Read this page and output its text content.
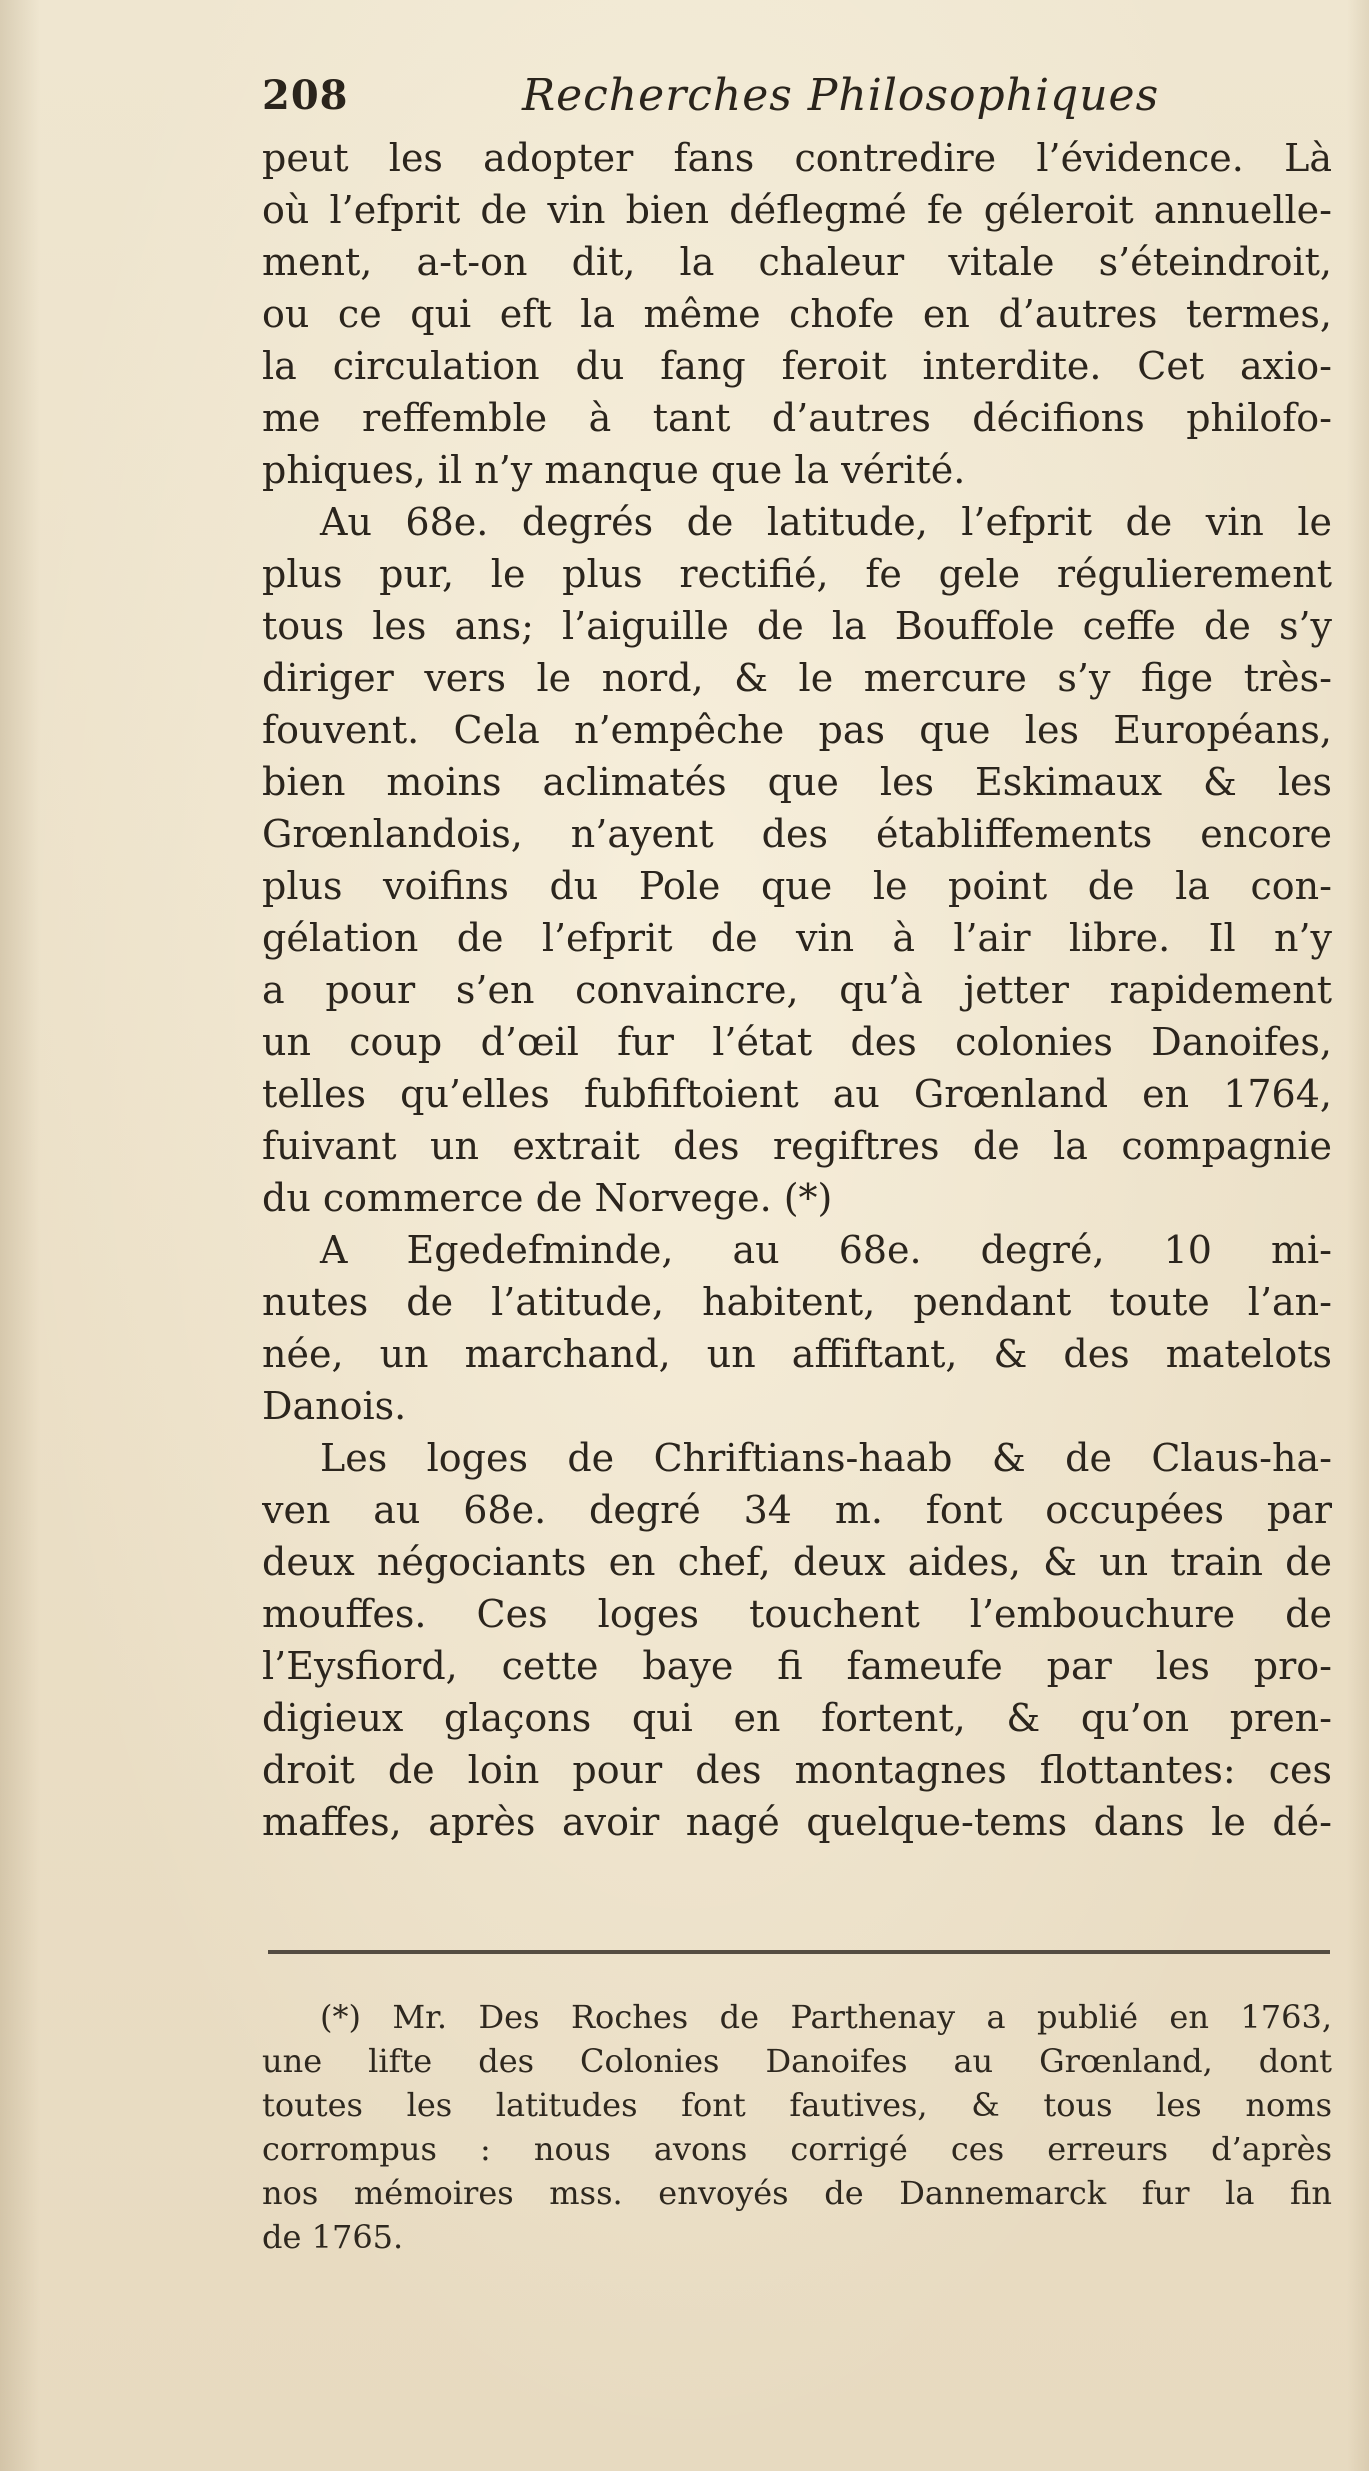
208	Recherches Philosophiques
peut les adopter fans contredire l’évidence. Là
où l’efprit de vin bien déflegmé fe géleroit annuelle-
ment, a-t-on dit, la chaleur vitale s’éteindroit,
ou ce qui eft la même chofe en d’autres termes,
la circulation du fang feroit interdite. Cet axio-
me reffemble à tant d’autres décifions philofo-
phiques, il n’y manque que la vérité.
Au 68e. degrés de latitude, l’efprit de vin le
plus pur, le plus rectifié, fe gele régulierement
tous les ans; l’aiguille de la Bouffole ceffe de s’y
diriger vers le nord, & le mercure s’y fige très-
fouvent. Cela n’empêche pas que les Européans,
bien moins aclimatés que les Eskimaux & les
Grœnlandois, n’ayent des établiffements encore
plus voifins du Pole que le point de la con-
gélation de l’efprit de vin à l’air libre. Il n’y
a pour s’en convaincre, qu’à jetter rapidement
un coup d’œil fur l’état des colonies Danoifes,
telles qu’elles fubfiftoient au Grœnland en 1764,
fuivant un extrait des regiftres de la compagnie
du commerce de Norvege. (*)
A Egedefminde, au 68e. degré, 10 mi-
nutes de l’atitude, habitent, pendant toute l’an-
née, un marchand, un affiftant, & des matelots
Danois.
Les loges de Chriftians-haab & de Claus-ha-
ven au 68e. degré 34 m. font occupées par
deux négociants en chef, deux aides, & un train de
mouffes. Ces loges touchent l’embouchure de
l’Eysfiord, cette baye fi fameufe par les pro-
digieux glaçons qui en fortent, & qu’on pren-
droit de loin pour des montagnes flottantes: ces
maffes, après avoir nagé quelque-tems dans le dé-
(*) Mr. Des Roches de Parthenay a publié en 1763,
une lifte des Colonies Danoifes au Grœnland, dont
toutes les latitudes font fautives, & tous les noms
corrompus : nous avons corrigé ces erreurs d’après
nos mémoires mss. envoyés de Dannemarck fur la fin
de 1765.
